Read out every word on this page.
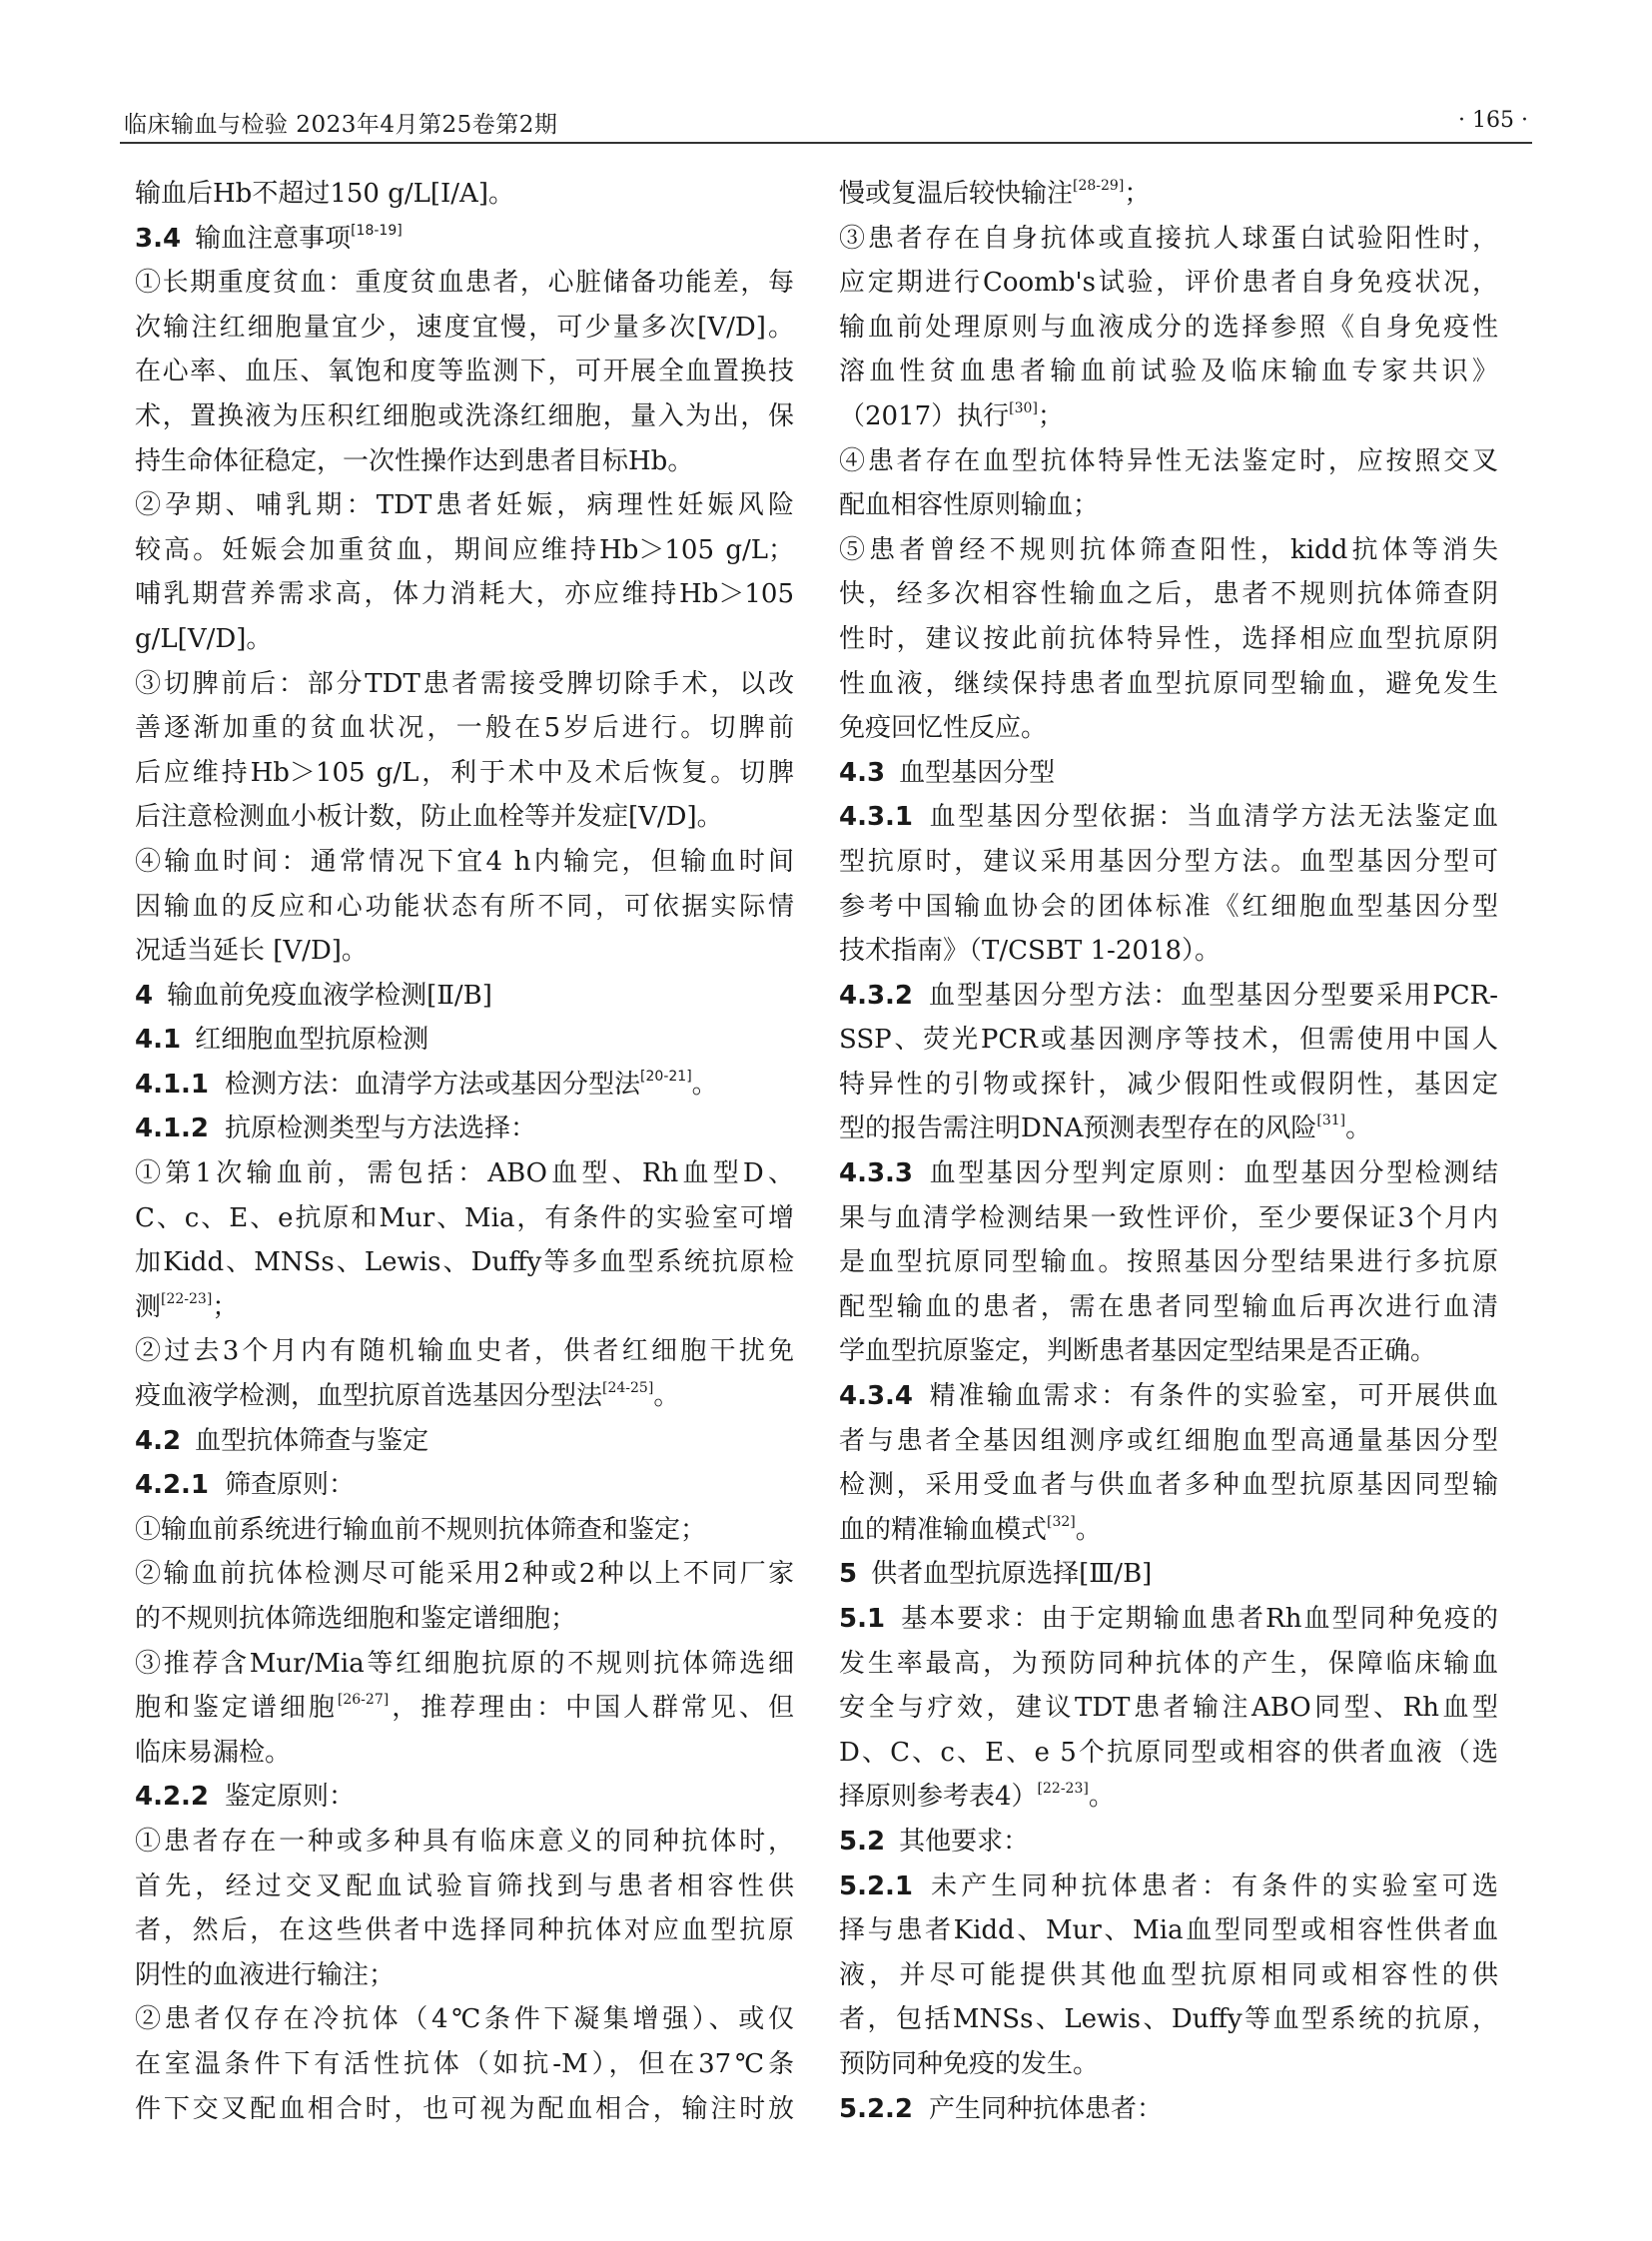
临床输血与检验 2023年4月第25卷第2期	· 165 ·
输血后Hb不超过150 g/L[Ⅰ/A]。
3.4 输血注意事项[18-19]
①长期重度贫血：重度贫血患者，心脏储备功能差，每
次输注红细胞量宜少，速度宜慢，可少量多次[V/D]。
在心率、血压、氧饱和度等监测下，可开展全血置换技
术，置换液为压积红细胞或洗涤红细胞，量入为出，保
持生命体征稳定，一次性操作达到患者目标Hb。
②孕期、哺乳期：TDT患者妊娠，病理性妊娠风险
较高。妊娠会加重贫血，期间应维持Hb＞105 g/L；
哺乳期营养需求高，体力消耗大，亦应维持Hb＞105
g/L[V/D]。
③切脾前后：部分TDT患者需接受脾切除手术，以改
善逐渐加重的贫血状况，一般在5岁后进行。切脾前
后应维持Hb＞105 g/L，利于术中及术后恢复。切脾
后注意检测血小板计数，防止血栓等并发症[V/D]。
④输血时间：通常情况下宜4 h内输完，但输血时间
因输血的反应和心功能状态有所不同，可依据实际情
况适当延长 [V/D]。
4 输血前免疫血液学检测[Ⅱ/B]
4.1 红细胞血型抗原检测
4.1.1 检测方法：血清学方法或基因分型法[20-21]。
4.1.2 抗原检测类型与方法选择：
①第1次输血前，需包括：ABO血型、Rh血型D、
C、c、E、e抗原和Mur、Mia，有条件的实验室可增
加Kidd、MNSs、Lewis、Duffy等多血型系统抗原检
测[22-23]；
②过去3个月内有随机输血史者，供者红细胞干扰免
疫血液学检测，血型抗原首选基因分型法[24-25]。
4.2 血型抗体筛查与鉴定
4.2.1 筛查原则：
①输血前系统进行输血前不规则抗体筛查和鉴定；
②输血前抗体检测尽可能采用2种或2种以上不同厂家
的不规则抗体筛选细胞和鉴定谱细胞；
③推荐含Mur/Mia等红细胞抗原的不规则抗体筛选细
胞和鉴定谱细胞[26-27]，推荐理由：中国人群常见、但
临床易漏检。
4.2.2 鉴定原则：
①患者存在一种或多种具有临床意义的同种抗体时，
首先，经过交叉配血试验盲筛找到与患者相容性供
者，然后，在这些供者中选择同种抗体对应血型抗原
阴性的血液进行输注；
②患者仅存在冷抗体（4℃条件下凝集增强）、或仅
在室温条件下有活性抗体（如抗-M），但在37℃条
件下交叉配血相合时，也可视为配血相合，输注时放
慢或复温后较快输注[28-29]；
③患者存在自身抗体或直接抗人球蛋白试验阳性时，
应定期进行Coomb's试验，评价患者自身免疫状况，
输血前处理原则与血液成分的选择参照《自身免疫性
溶血性贫血患者输血前试验及临床输血专家共识》
（2017）执行[30]；
④患者存在血型抗体特异性无法鉴定时，应按照交叉
配血相容性原则输血；
⑤患者曾经不规则抗体筛查阳性，kidd抗体等消失
快，经多次相容性输血之后，患者不规则抗体筛查阴
性时，建议按此前抗体特异性，选择相应血型抗原阴
性血液，继续保持患者血型抗原同型输血，避免发生
免疫回忆性反应。
4.3 血型基因分型
4.3.1 血型基因分型依据：当血清学方法无法鉴定血
型抗原时，建议采用基因分型方法。血型基因分型可
参考中国输血协会的团体标准《红细胞血型基因分型
技术指南》（T/CSBT 1-2018）。
4.3.2 血型基因分型方法：血型基因分型要采用PCR-
SSP、荧光PCR或基因测序等技术，但需使用中国人
特异性的引物或探针，减少假阳性或假阴性，基因定
型的报告需注明DNA预测表型存在的风险[31]。
4.3.3 血型基因分型判定原则：血型基因分型检测结
果与血清学检测结果一致性评价，至少要保证3个月内
是血型抗原同型输血。按照基因分型结果进行多抗原
配型输血的患者，需在患者同型输血后再次进行血清
学血型抗原鉴定，判断患者基因定型结果是否正确。
4.3.4 精准输血需求：有条件的实验室，可开展供血
者与患者全基因组测序或红细胞血型高通量基因分型
检测，采用受血者与供血者多种血型抗原基因同型输
血的精准输血模式[32]。
5 供者血型抗原选择[Ⅲ/B]
5.1 基本要求：由于定期输血患者Rh血型同种免疫的
发生率最高，为预防同种抗体的产生，保障临床输血
安全与疗效，建议TDT患者输注ABO同型、Rh血型
D、C、c、E、e 5个抗原同型或相容的供者血液（选
择原则参考表4）[22-23]。
5.2 其他要求：
5.2.1 未产生同种抗体患者：有条件的实验室可选
择与患者Kidd、Mur、Mia血型同型或相容性供者血
液，并尽可能提供其他血型抗原相同或相容性的供
者，包括MNSs、Lewis、Duffy等血型系统的抗原，
预防同种免疫的发生。
5.2.2 产生同种抗体患者：
